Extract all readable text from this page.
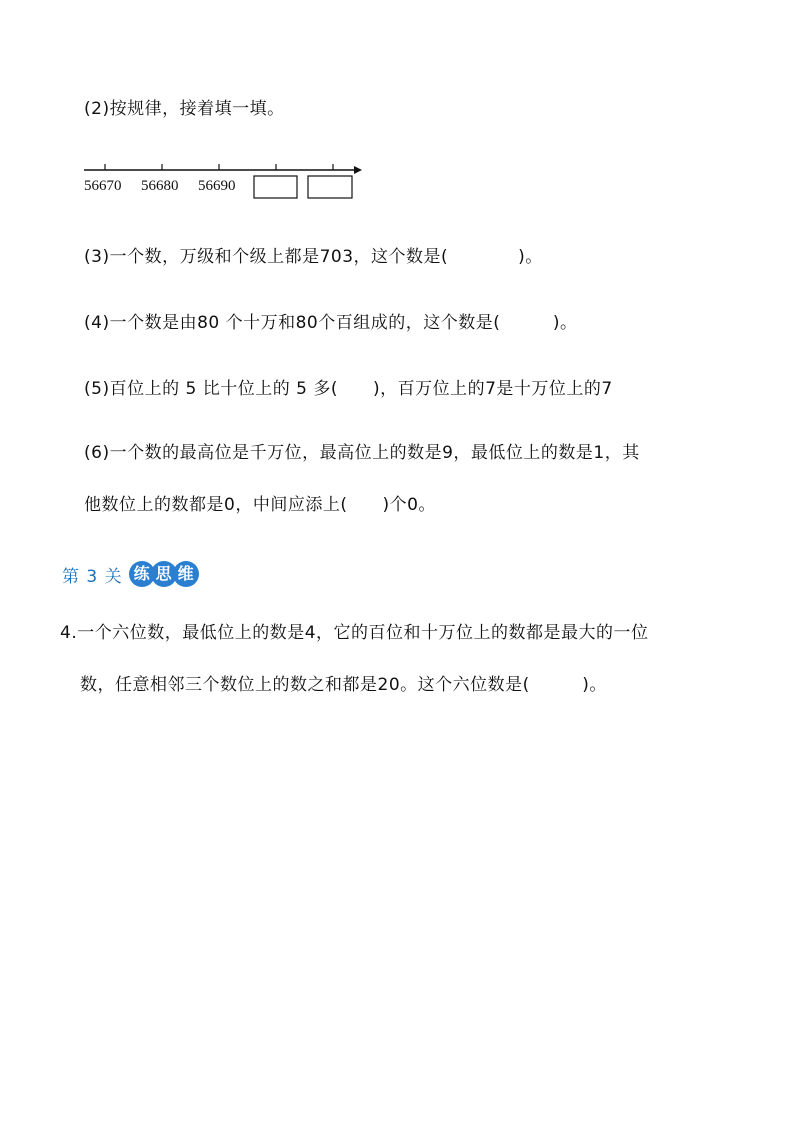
(2)按规律，接着填一填。
56670 56680 56690
(3)一个数，万级和个级上都是703，这个数是(　　　　)。
(4)一个数是由80 个十万和80个百组成的，这个数是(　　　)。
(5)百位上的 5 比十位上的 5 多(　　)，百万位上的7是十万位上的7
(6)一个数的最高位是千万位，最高位上的数是9，最低位上的数是1，其
他数位上的数都是0，中间应添上(　　)个0。
第 3 关 练 思 维
4.一个六位数，最低位上的数是4，它的百位和十万位上的数都是最大的一位
数，任意相邻三个数位上的数之和都是20。这个六位数是(　　　)。
